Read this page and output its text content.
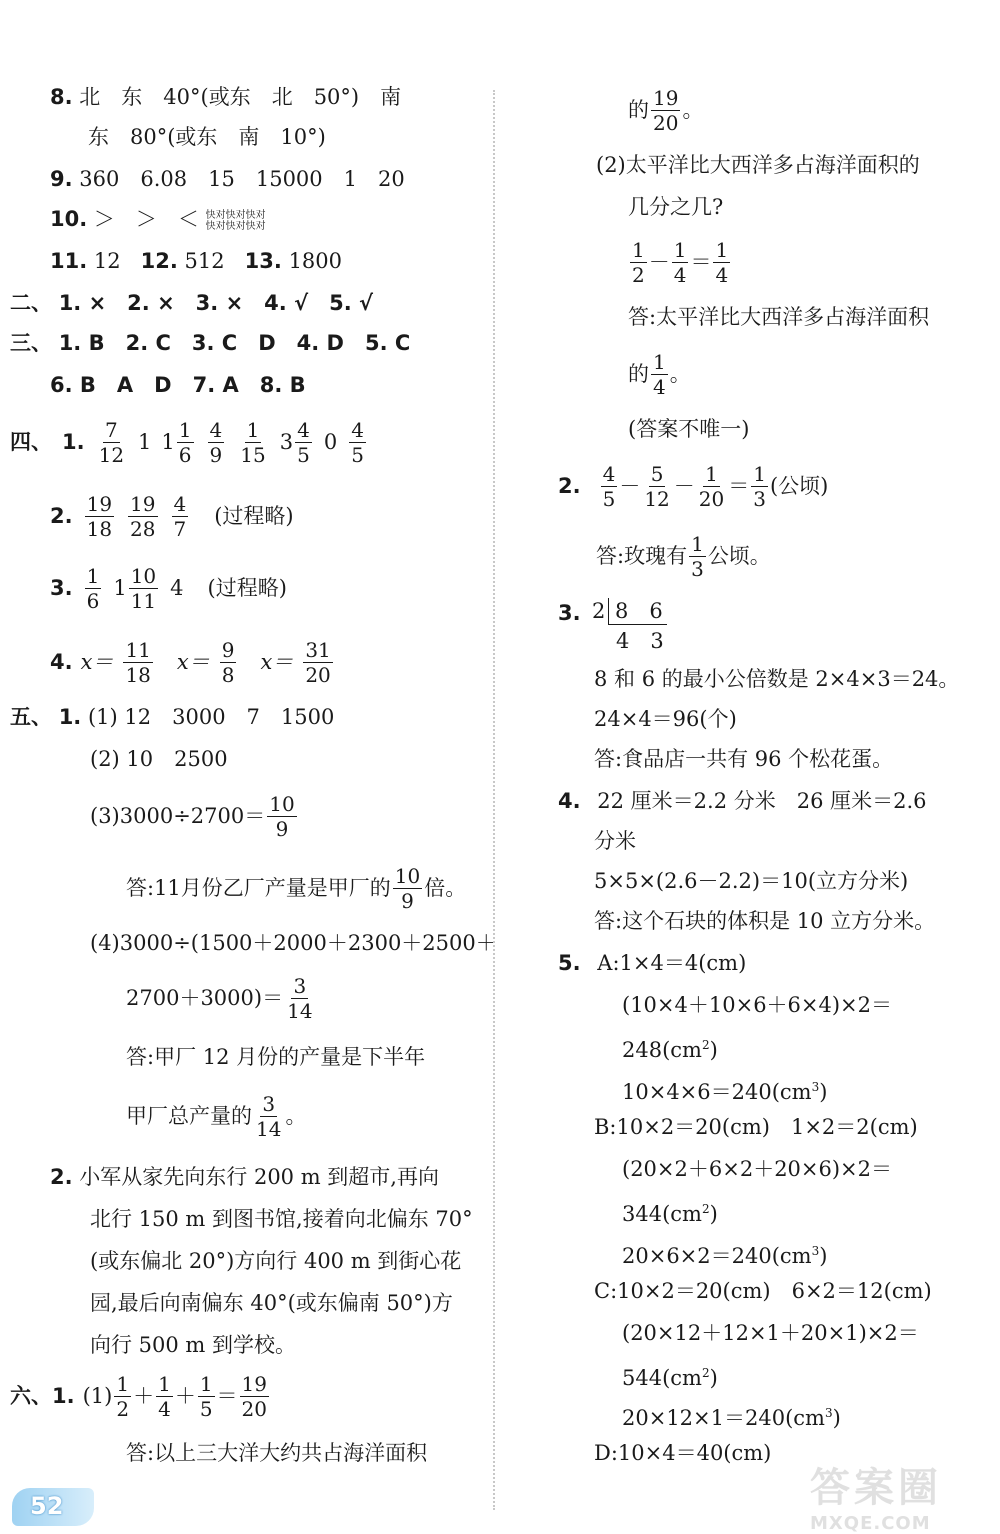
8. 北　东　40°(或东　北　50°)　南
东　80°(或东　南　10°)
9. 360　6.08　15　15000　1　20
10. ＞　＞　＜ 快对快对快对
快对快对快对
11. 12 12. 512 13. 1800
二、 1. ×　2. ×　3. ×　4. √　5. √
三、 1. B　2. C　3. C　D　4. D　5. C
6. B　A　D　7. A　8. B
四、 1. $\frac{7}{12} 1$ $1 \frac{1}{6} \frac{4}{9} \frac{1}{15} 3 \frac{4}{5} 0 \frac{4}{5}$
2. $\frac{19}{18} \frac{19}{28} \frac{4}{7}$ (过程略)
3. $\frac{1}{6} 1 \frac{10}{11} 4$ (过程略)
4. $x= \frac{11}{18} x= \frac{9}{8} x= \frac{31}{20}$
五、 1. (1) 12　3000　7　1500
(2) 10　2500
$(3)3000\div 2700= \frac{10}{9}$
答:11月份乙厂产量是甲厂的 $\frac{10}{9}$ 倍。
(4)3000÷(1500＋2000＋2300＋2500＋
$2700+3000)= \frac{3}{14}$
答:甲厂 12 月份的产量是下半年
甲厂总产量的 $\frac{3}{14}$ 。
2. 小军从家先向东行 200 m 到超市,再向
北行 150 m 到图书馆,接着向北偏东 70°
(或东偏北 20°)方向行 400 m 到街心花
园,最后向南偏东 40°(或东偏南 50°)方
向行 500 m 到学校。
六、 1. $(1) \frac{1}{2} + \frac{1}{4} + \frac{1}{5} = \frac{19}{20}$
答:以上三大洋大约共占海洋面积
的 $\frac{19}{20}$ 。
(2)太平洋比大西洋多占海洋面积的
几分之几?
$\frac{1}{2} - \frac{1}{4} = \frac{1}{4}$
答:太平洋比大西洋多占海洋面积
的 $\frac{1}{4}$ 。
(答案不唯一)
2. $\frac{4}{5} - \frac{5}{12} - \frac{1}{20} = \frac{1}{3}$ (公顷)
答:玫瑰有 $\frac{1}{3}$ 公顷。
3. 2 8　6
4　3
8 和 6 的最小公倍数是 2×4×3＝24。
24×4＝96(个)
答:食品店一共有 96 个松花蛋。
4. 22 厘米＝2.2 分米　26 厘米＝2.6
分米
5×5×(2.6－2.2)＝10(立方分米)
答:这个石块的体积是 10 立方分米。
5. A:1×4＝4(cm)
(10×4＋10×6＋6×4)×2＝
$248(cm^2)$
$10\times 4\times 6=240(cm^3)$
B:10×2＝20(cm)　1×2＝2(cm)
(20×2＋6×2＋20×6)×2＝
$344(cm^2)$
$20\times 6\times 2=240(cm^3)$
C:10×2＝20(cm)　6×2＝12(cm)
(20×12＋12×1＋20×1)×2＝
$544(cm^2)$
$20\times 12\times 1=240(cm^3)$
D:10×4＝40(cm)
52	答案圈
MXQE.COM
